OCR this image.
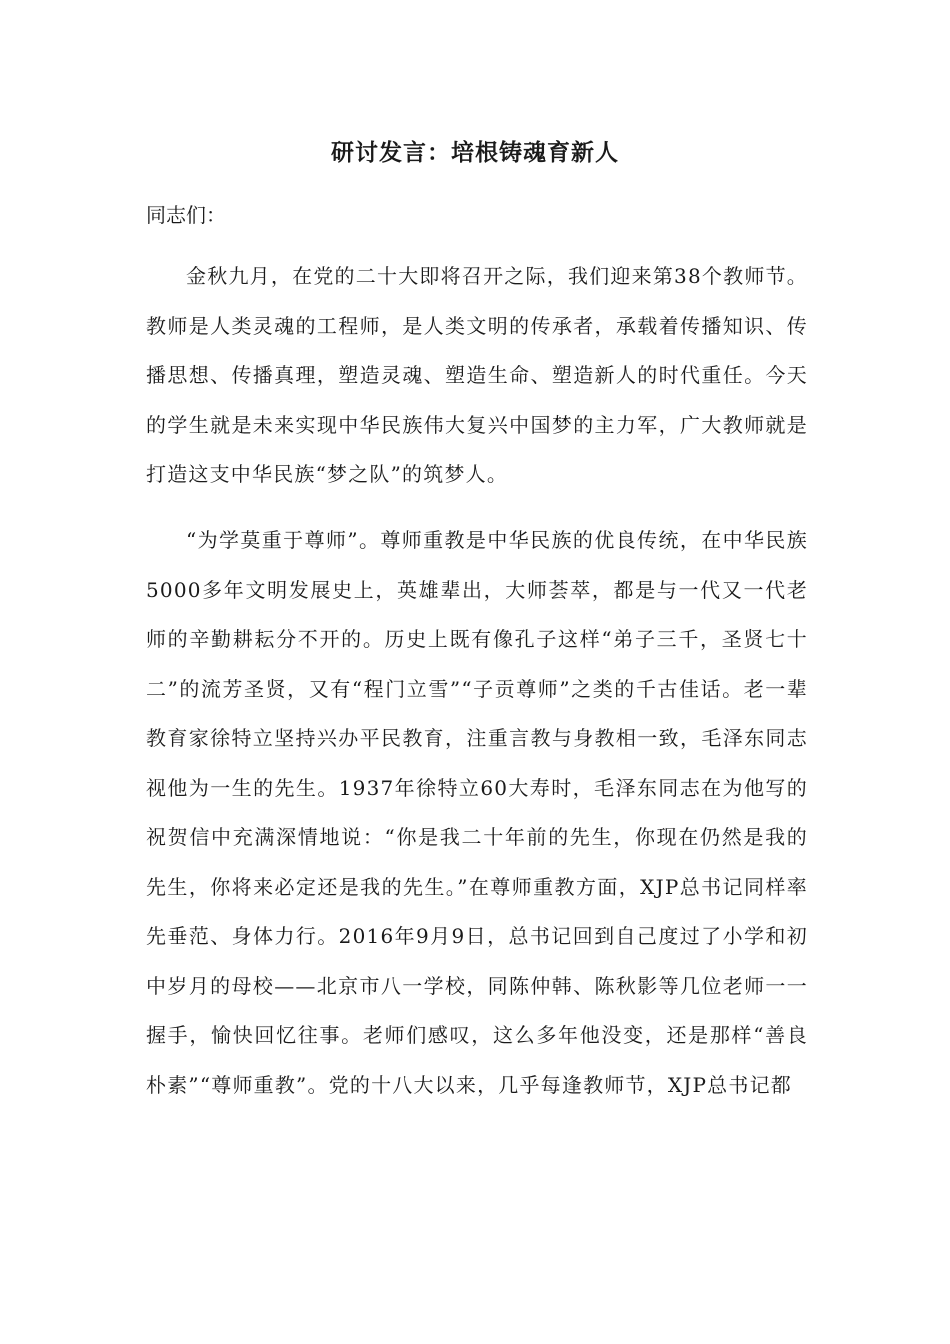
研讨发言：培根铸魂育新人
同志们：

金秋九月，在党的二十大即将召开之际，我们迎来第38个教师节。教师是人类灵魂的工程师，是人类文明的传承者，承载着传播知识、传播思想、传播真理，塑造灵魂、塑造生命、塑造新人的时代重任。今天的学生就是未来实现中华民族伟大复兴中国梦的主力军，广大教师就是打造这支中华民族“梦之队”的筑梦人。

“为学莫重于尊师”。尊师重教是中华民族的优良传统，在中华民族5000多年文明发展史上，英雄辈出，大师荟萃，都是与一代又一代老师的辛勤耕耘分不开的。历史上既有像孔子这样“弟子三千，圣贤七十二”的流芳圣贤，又有“程门立雪”“子贡尊师”之类的千古佳话。老一辈教育家徐特立坚持兴办平民教育，注重言教与身教相一致，毛泽东同志视他为一生的先生。1937年徐特立60大寿时，毛泽东同志在为他写的祝贺信中充满深情地说：“你是我二十年前的先生，你现在仍然是我的先生，你将来必定还是我的先生。”在尊师重教方面，XJP总书记同样率先垂范、身体力行。2016年9月9日，总书记回到自己度过了小学和初中岁月的母校——北京市八一学校，同陈仲韩、陈秋影等几位老师一一握手，愉快回忆往事。老师们感叹，这么多年他没变，还是那样“善良朴素”“尊师重教”。党的十八大以来，几乎每逢教师节，XJP总书记都
